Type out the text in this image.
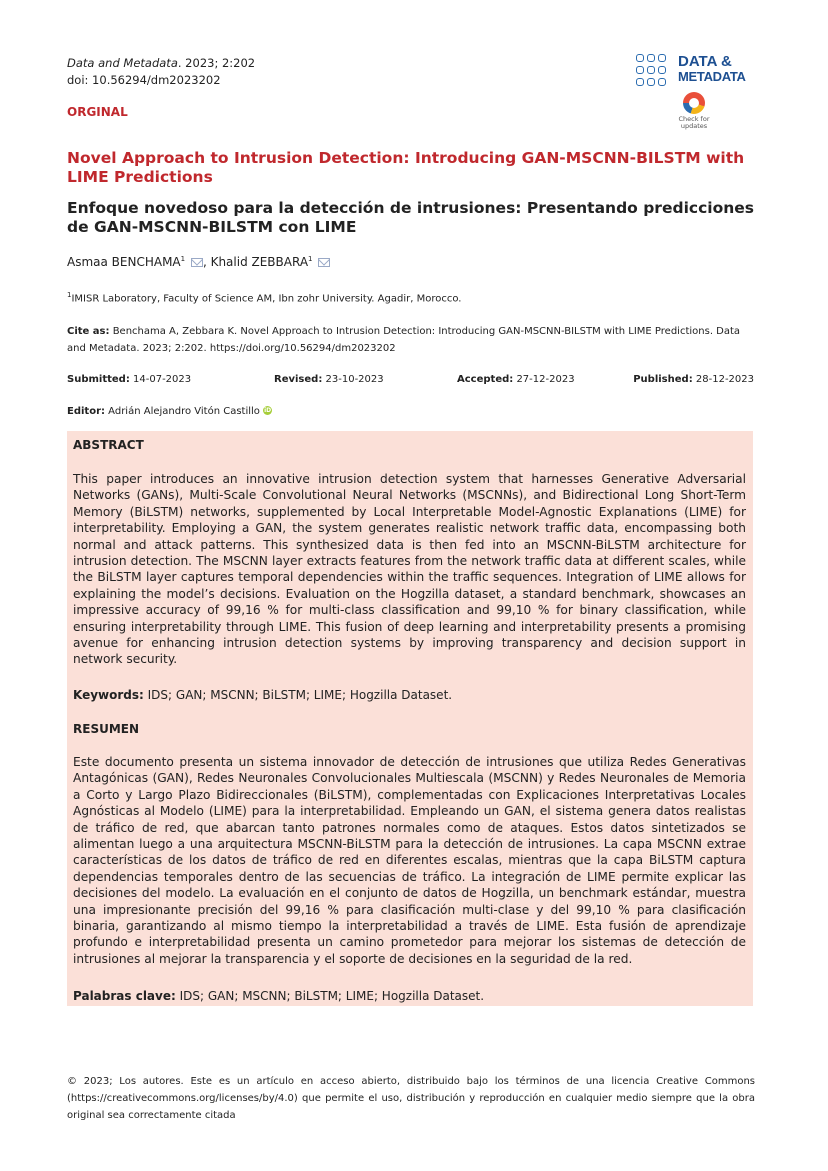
Data and Metadata. 2023; 2:202
doi: 10.56294/dm2023202
ORGINAL
DATA &
METADATA
Check for
updates
Novel Approach to Intrusion Detection: Introducing GAN-MSCNN-BILSTM with LIME Predictions
Enfoque novedoso para la detección de intrusiones: Presentando predicciones de GAN-MSCNN-BILSTM con LIME
Asmaa BENCHAMA$^1$ , Khalid ZEBBARA$^1$
$^1$IMISR Laboratory, Faculty of Science AM, Ibn zohr University. Agadir, Morocco.
Cite as: Benchama A, Zebbara K. Novel Approach to Intrusion Detection: Introducing GAN-MSCNN-BILSTM with LIME Predictions. Data and Metadata. 2023; 2:202. https://doi.org/10.56294/dm2023202
Submitted: 14-07-2023	Revised: 23-10-2023	Accepted: 27-12-2023	Published: 28-12-2023
Editor: Adrián Alejandro Vitón Castillo iD
ABSTRACT
This paper introduces an innovative intrusion detection system that harnesses Generative Adversarial Networks (GANs), Multi-Scale Convolutional Neural Networks (MSCNNs), and Bidirectional Long Short-Term Memory (BiLSTM) networks, supplemented by Local Interpretable Model-Agnostic Explanations (LIME) for interpretability. Employing a GAN, the system generates realistic network traffic data, encompassing both normal and attack patterns. This synthesized data is then fed into an MSCNN-BiLSTM architecture for intrusion detection. The MSCNN layer extracts features from the network traffic data at different scales, while the BiLSTM layer captures temporal dependencies within the traffic sequences. Integration of LIME allows for explaining the model’s decisions. Evaluation on the Hogzilla dataset, a standard benchmark, showcases an impressive accuracy of 99,16 % for multi-class classification and 99,10 % for binary classification, while ensuring interpretability through LIME. This fusion of deep learning and interpretability presents a promising avenue for enhancing intrusion detection systems by improving transparency and decision support in network security.
Keywords: IDS; GAN; MSCNN; BiLSTM; LIME; Hogzilla Dataset.
RESUMEN
Este documento presenta un sistema innovador de detección de intrusiones que utiliza Redes Generativas Antagónicas (GAN), Redes Neuronales Convolucionales Multiescala (MSCNN) y Redes Neuronales de Memoria a Corto y Largo Plazo Bidireccionales (BiLSTM), complementadas con Explicaciones Interpretativas Locales Agnósticas al Modelo (LIME) para la interpretabilidad. Empleando un GAN, el sistema genera datos realistas de tráfico de red, que abarcan tanto patrones normales como de ataques. Estos datos sintetizados se alimentan luego a una arquitectura MSCNN-BiLSTM para la detección de intrusiones. La capa MSCNN extrae características de los datos de tráfico de red en diferentes escalas, mientras que la capa BiLSTM captura dependencias temporales dentro de las secuencias de tráfico. La integración de LIME permite explicar las decisiones del modelo. La evaluación en el conjunto de datos de Hogzilla, un benchmark estándar, muestra una impresionante precisión del 99,16 % para clasificación multi-clase y del 99,10 % para clasificación binaria, garantizando al mismo tiempo la interpretabilidad a través de LIME. Esta fusión de aprendizaje profundo e interpretabilidad presenta un camino prometedor para mejorar los sistemas de detección de intrusiones al mejorar la transparencia y el soporte de decisiones en la seguridad de la red.
Palabras clave: IDS; GAN; MSCNN; BiLSTM; LIME; Hogzilla Dataset.
© 2023; Los autores. Este es un artículo en acceso abierto, distribuido bajo los términos de una licencia Creative Commons (https://creativecommons.org/licenses/by/4.0) que permite el uso, distribución y reproducción en cualquier medio siempre que la obra original sea correctamente citada
